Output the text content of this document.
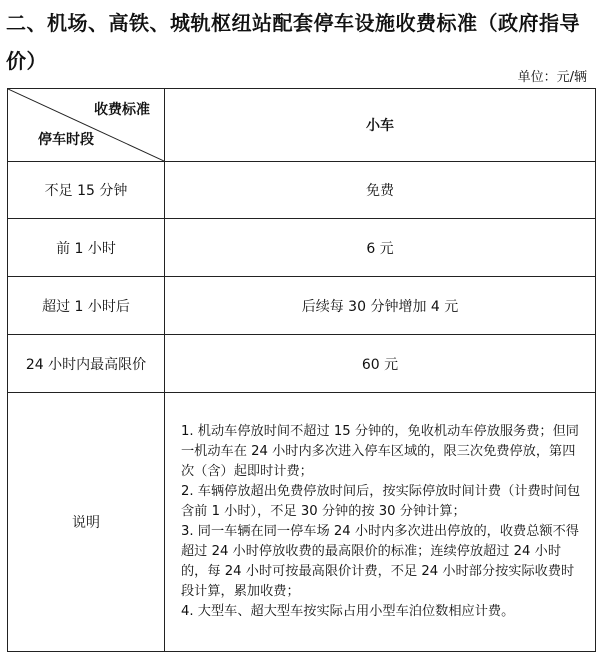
二、机场、高铁、城轨枢纽站配套停车设施收费标准（政府指导价）
单位：元/辆
收费标准
停车时段	小车
不足 15 分钟	免费
前 1 小时	6 元
超过 1 小时后	后续每 30 分钟增加 4 元
24 小时内最高限价	60 元
说明	1. 机动车停放时间不超过 15 分钟的，免收机动车停放服务费；但同一机动车在 24 小时内多次进入停车区域的，限三次免费停放，第四次（含）起即时计费；
2. 车辆停放超出免费停放时间后，按实际停放时间计费（计费时间包含前 1 小时），不足 30 分钟的按 30 分钟计算；
3. 同一车辆在同一停车场 24 小时内多次进出停放的，收费总额不得超过 24 小时停放收费的最高限价的标准；连续停放超过 24 小时的，每 24 小时可按最高限价计费，不足 24 小时部分按实际收费时段计算，累加收费；
4. 大型车、超大型车按实际占用小型车泊位数相应计费。
